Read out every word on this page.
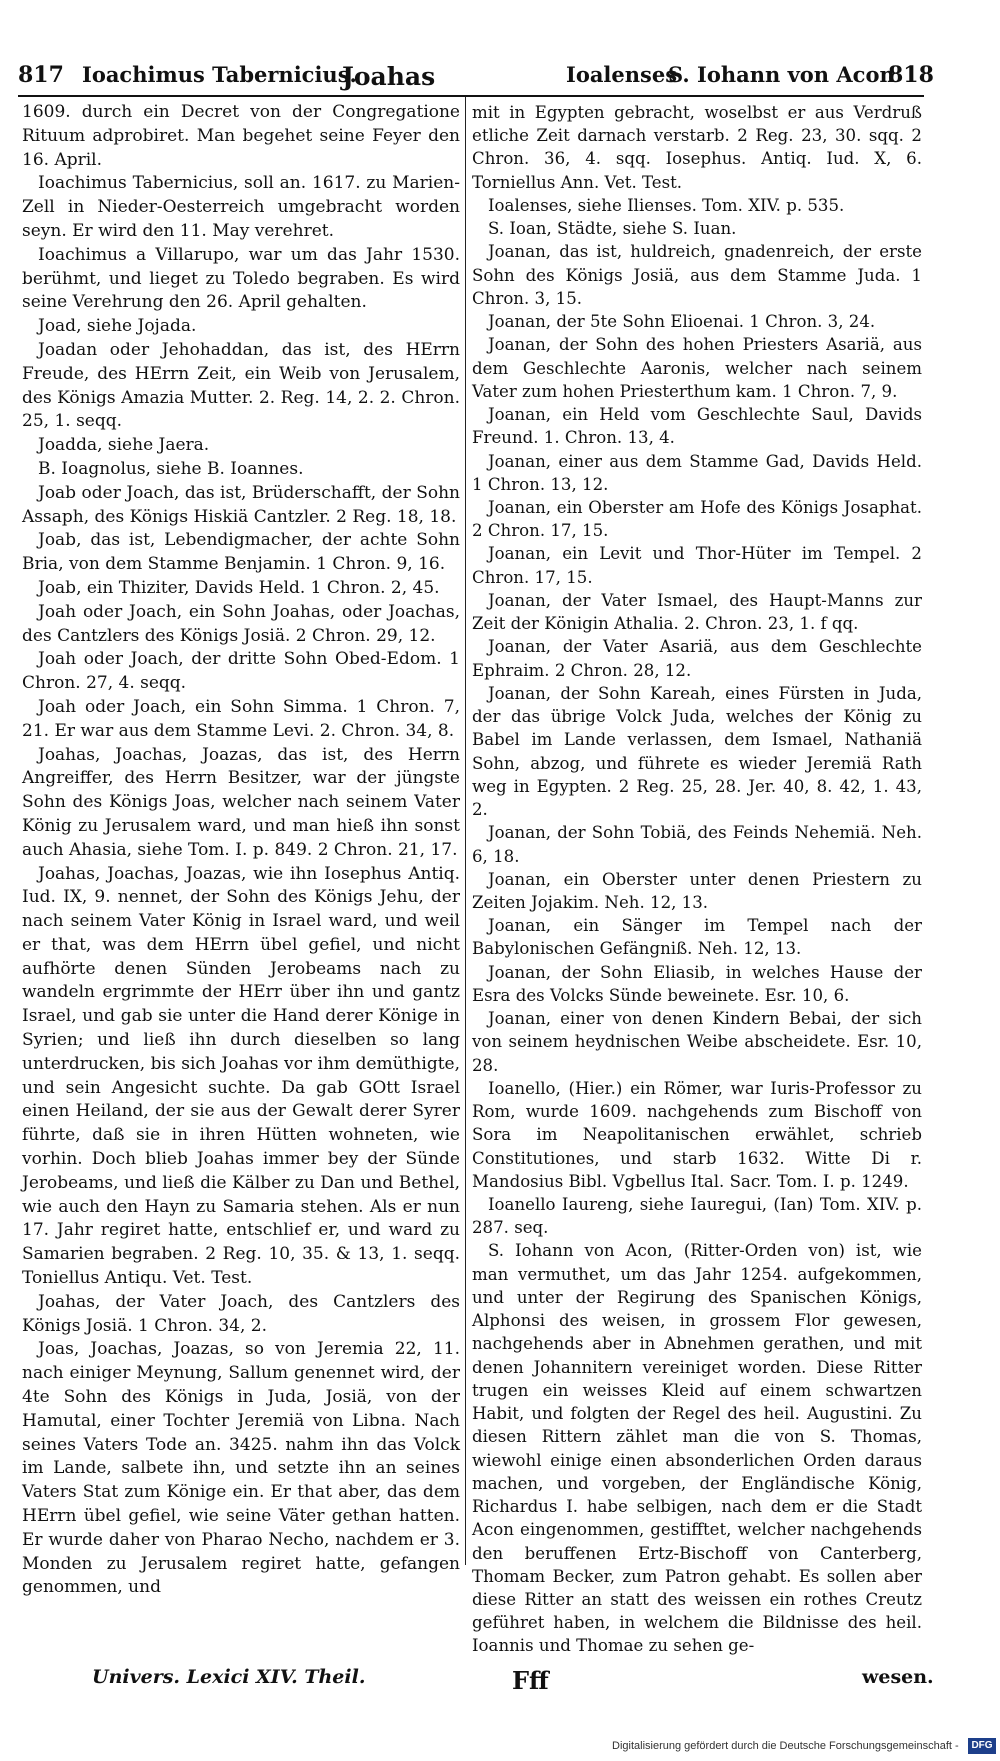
817 Ioachimus Tabernicius.
Joahas	Ioalenses
S. Iohann von Acon
818

1609. durch ein Decret von der Congregatione Rituum adprobiret. Man begehet seine Feyer den 16. April.

Ioachimus Tabernicius, soll an. 1617. zu Marien-Zell in Nieder-Oesterreich umgebracht worden seyn. Er wird den 11. May verehret.

Ioachimus a Villarupo, war um das Jahr 1530. berühmt, und lieget zu Toledo begraben. Es wird seine Verehrung den 26. April gehalten.

Joad, siehe Jojada.

Joadan oder Jehohaddan, das ist, des HErrn Freude, des HErrn Zeit, ein Weib von Jerusalem, des Königs Amazia Mutter. 2. Reg. 14, 2. 2. Chron. 25, 1. seqq.

Joadda, siehe Jaera.

B. Ioagnolus, siehe B. Ioannes.

Joab oder Joach, das ist, Brüderschafft, der Sohn Assaph, des Königs Hiskiä Cantzler. 2 Reg. 18, 18.

Joab, das ist, Lebendigmacher, der achte Sohn Bria, von dem Stamme Benjamin. 1 Chron. 9, 16.

Joab, ein Thiziter, Davids Held. 1 Chron. 2, 45.

Joah oder Joach, ein Sohn Joahas, oder Joachas, des Cantzlers des Königs Josiä. 2 Chron. 29, 12.

Joah oder Joach, der dritte Sohn Obed-Edom. 1 Chron. 27, 4. seqq.

Joah oder Joach, ein Sohn Simma. 1 Chron. 7, 21. Er war aus dem Stamme Levi. 2. Chron. 34, 8.

Joahas, Joachas, Joazas, das ist, des Herrn Angreiffer, des Herrn Besitzer, war der jüngste Sohn des Königs Joas, welcher nach seinem Vater König zu Jerusalem ward, und man hieß ihn sonst auch Ahasia, siehe Tom. I. p. 849. 2 Chron. 21, 17.

Joahas, Joachas, Joazas, wie ihn Iosephus Antiq. Iud. IX, 9. nennet, der Sohn des Königs Jehu, der nach seinem Vater König in Israel ward, und weil er that, was dem HErrn übel gefiel, und nicht aufhörte denen Sünden Jerobeams nach zu wandeln ergrimmte der HErr über ihn und gantz Israel, und gab sie unter die Hand derer Könige in Syrien; und ließ ihn durch dieselben so lang unterdrucken, bis sich Joahas vor ihm demüthigte, und sein Angesicht suchte. Da gab GOtt Israel einen Heiland, der sie aus der Gewalt derer Syrer führte, daß sie in ihren Hütten wohneten, wie vorhin. Doch blieb Joahas immer bey der Sünde Jerobeams, und ließ die Kälber zu Dan und Bethel, wie auch den Hayn zu Samaria stehen. Als er nun 17. Jahr regiret hatte, entschlief er, und ward zu Samarien begraben. 2 Reg. 10, 35. & 13, 1. seqq. Toniellus Antiqu. Vet. Test.

Joahas, der Vater Joach, des Cantzlers des Königs Josiä. 1 Chron. 34, 2.

Joas, Joachas, Joazas, so von Jeremia 22, 11. nach einiger Meynung, Sallum genennet wird, der 4te Sohn des Königs in Juda, Josiä, von der Hamutal, einer Tochter Jeremiä von Libna. Nach seines Vaters Tode an. 3425. nahm ihn das Volck im Lande, salbete ihn, und setzte ihn an seines Vaters Stat zum Könige ein. Er that aber, das dem HErrn übel gefiel, wie seine Väter gethan hatten. Er wurde daher von Pharao Necho, nachdem er 3. Monden zu Jerusalem regiret hatte, gefangen genommen, und

mit in Egypten gebracht, woselbst er aus Verdruß etliche Zeit darnach verstarb. 2 Reg. 23, 30. sqq. 2 Chron. 36, 4. sqq. Iosephus. Antiq. Iud. X, 6. Torniellus Ann. Vet. Test.

Ioalenses, siehe Ilienses. Tom. XIV. p. 535.

S. Ioan, Städte, siehe S. Iuan.

Joanan, das ist, huldreich, gnadenreich, der erste Sohn des Königs Josiä, aus dem Stamme Juda. 1 Chron. 3, 15.

Joanan, der 5te Sohn Elioenai. 1 Chron. 3, 24.

Joanan, der Sohn des hohen Priesters Asariä, aus dem Geschlechte Aaronis, welcher nach seinem Vater zum hohen Priesterthum kam. 1 Chron. 7, 9.

Joanan, ein Held vom Geschlechte Saul, Davids Freund. 1. Chron. 13, 4.

Joanan, einer aus dem Stamme Gad, Davids Held. 1 Chron. 13, 12.

Joanan, ein Oberster am Hofe des Königs Josaphat. 2 Chron. 17, 15.

Joanan, ein Levit und Thor-Hüter im Tempel. 2 Chron. 17, 15.

Joanan, der Vater Ismael, des Haupt-Manns zur Zeit der Königin Athalia. 2. Chron. 23, 1. f qq.

Joanan, der Vater Asariä, aus dem Geschlechte Ephraim. 2 Chron. 28, 12.

Joanan, der Sohn Kareah, eines Fürsten in Juda, der das übrige Volck Juda, welches der König zu Babel im Lande verlassen, dem Ismael, Nathaniä Sohn, abzog, und führete es wieder Jeremiä Rath weg in Egypten. 2 Reg. 25, 28. Jer. 40, 8. 42, 1. 43, 2.

Joanan, der Sohn Tobiä, des Feinds Nehemiä. Neh. 6, 18.

Joanan, ein Oberster unter denen Priestern zu Zeiten Jojakim. Neh. 12, 13.

Joanan, ein Sänger im Tempel nach der Babylonischen Gefängniß. Neh. 12, 13.

Joanan, der Sohn Eliasib, in welches Hause der Esra des Volcks Sünde beweinete. Esr. 10, 6.

Joanan, einer von denen Kindern Bebai, der sich von seinem heydnischen Weibe abscheidete. Esr. 10, 28.

Ioanello, (Hier.) ein Römer, war Iuris-Professor zu Rom, wurde 1609. nachgehends zum Bischoff von Sora im Neapolitanischen erwählet, schrieb Constitutiones, und starb 1632. Witte Di r. Mandosius Bibl. Vgbellus Ital. Sacr. Tom. I. p. 1249.

Ioanello Iaureng, siehe Iauregui, (Ian) Tom. XIV. p. 287. seq.

S. Iohann von Acon, (Ritter-Orden von) ist, wie man vermuthet, um das Jahr 1254. aufgekommen, und unter der Regirung des Spanischen Königs, Alphonsi des weisen, in grossem Flor gewesen, nachgehends aber in Abnehmen gerathen, und mit denen Johannitern vereiniget worden. Diese Ritter trugen ein weisses Kleid auf einem schwartzen Habit, und folgten der Regel des heil. Augustini. Zu diesen Rittern zählet man die von S. Thomas, wiewohl einige einen absonderlichen Orden daraus machen, und vorgeben, der Engländische König, Richardus I. habe selbigen, nach dem er die Stadt Acon eingenommen, gestifftet, welcher nachgehends den beruffenen Ertz-Bischoff von Canterberg, Thomam Becker, zum Patron gehabt. Es sollen aber diese Ritter an statt des weissen ein rothes Creutz geführet haben, in welchem die Bildnisse des heil. Ioannis und Thomae zu sehen ge-

Univers. Lexici XIV. Theil.	Fff	wesen.
Digitalisierung gefördert durch die Deutsche Forschungsgemeinschaft -	DFG
